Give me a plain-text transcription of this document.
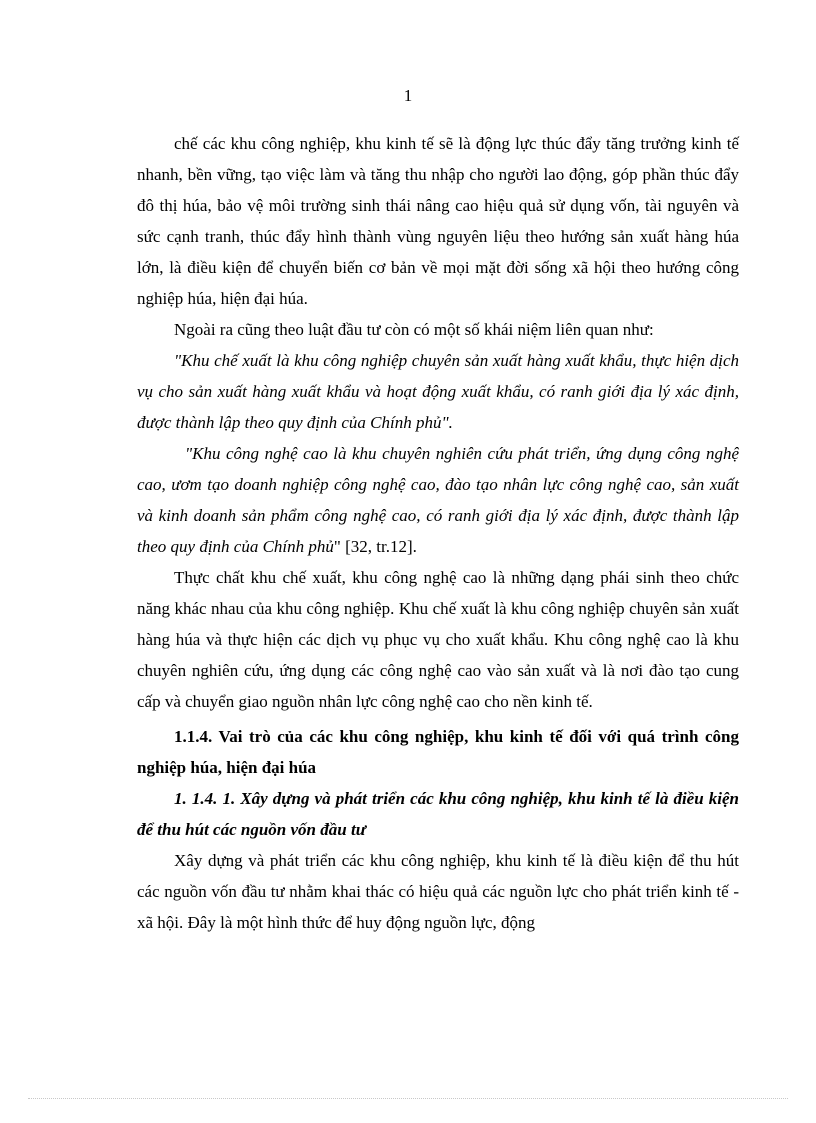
1

chế các khu công nghiệp, khu kinh tế sẽ là động lực thúc đẩy tăng trưởng kinh tế nhanh, bền vững, tạo việc làm và tăng thu nhập cho người lao động, góp phần thúc đẩy đô thị húa, bảo vệ môi trường sinh thái nâng cao hiệu quả sử dụng vốn, tài nguyên và sức cạnh tranh, thúc đẩy hình thành vùng nguyên liệu theo hướng sản xuất hàng húa lớn, là điều kiện để chuyển biến cơ bản về mọi mặt đời sống xã hội theo hướng công nghiệp húa, hiện đại húa.

Ngoài ra cũng theo luật đầu tư còn có một số khái niệm liên quan như:

"Khu chế xuất là khu công nghiệp chuyên sản xuất hàng xuất khẩu, thực hiện dịch vụ cho sản xuất hàng xuất khẩu và hoạt động xuất khẩu, có ranh giới địa lý xác định, được thành lập theo quy định của Chính phủ".

"Khu công nghệ cao là khu chuyên nghiên cứu phát triển, ứng dụng công nghệ cao, ươm tạo doanh nghiệp công nghệ cao, đào tạo nhân lực công nghệ cao, sản xuất và kinh doanh sản phẩm công nghệ cao, có ranh giới địa lý xác định, được thành lập theo quy định của Chính phủ" [32, tr.12].

Thực chất khu chế xuất, khu công nghệ cao là những dạng phái sinh theo chức năng khác nhau của khu công nghiệp. Khu chế xuất là khu công nghiệp chuyên sản xuất hàng húa và thực hiện các dịch vụ phục vụ cho xuất khẩu. Khu công nghệ cao là khu chuyên nghiên cứu, ứng dụng các công nghệ cao vào sản xuất và là nơi đào tạo cung cấp và chuyển giao nguồn nhân lực công nghệ cao cho nền kinh tế.

1.1.4. Vai trò của các khu công nghiệp, khu kinh tế đối với quá trình công nghiệp húa, hiện đại húa

1. 1.4. 1. Xây dựng và phát triển các khu công nghiệp, khu kinh tế là điều kiện để thu hút các nguồn vốn đầu tư

Xây dựng và phát triển các khu công nghiệp, khu kinh tế là điều kiện để thu hút các nguồn vốn đầu tư nhằm khai thác có hiệu quả các nguồn lực cho phát triển kinh tế - xã hội. Đây là một hình thức để huy động nguồn lực, động
